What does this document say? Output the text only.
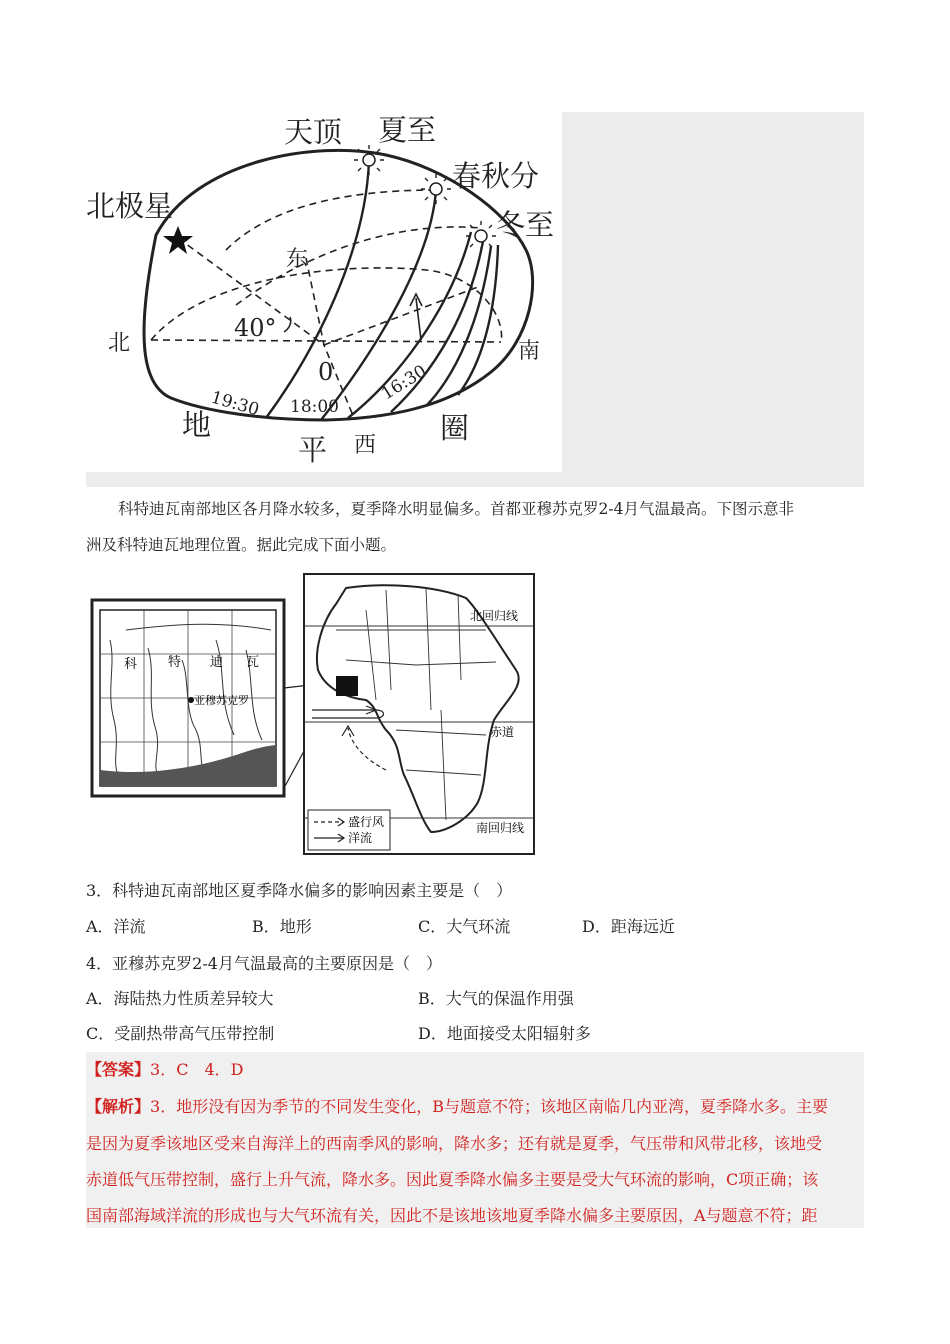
天顶 夏至
春秋分
冬至
北极星
东
北	南
40°
0
19:30 18:00
16:30
地
平 西
圈
科特迪瓦南部地区各月降水较多，夏季降水明显偏多。首都亚穆苏克罗2-4月气温最高。下图示意非
洲及科特迪瓦地理位置。据此完成下面小题。
科 特 迪 瓦
亚穆苏克罗
北回归线
赤道
南回归线
盛行风
洋流
3．科特迪瓦南部地区夏季降水偏多的影响因素主要是（　）
A．洋流	B．地形	C．大气环流	D．距海远近
4．亚穆苏克罗2-4月气温最高的主要原因是（　）
A．海陆热力性质差异较大	B．大气的保温作用强
C．受副热带高气压带控制	D．地面接受太阳辐射多
【答案】3．C　4．D
【解析】3．地形没有因为季节的不同发生变化，B与题意不符；该地区南临几内亚湾，夏季降水多。主要
是因为夏季该地区受来自海洋上的西南季风的影响，降水多；还有就是夏季，气压带和风带北移，该地受
赤道低气压带控制，盛行上升气流，降水多。因此夏季降水偏多主要是受大气环流的影响，C项正确；该
国南部海域洋流的形成也与大气环流有关，因此不是该地该地夏季降水偏多主要原因，A与题意不符；距
